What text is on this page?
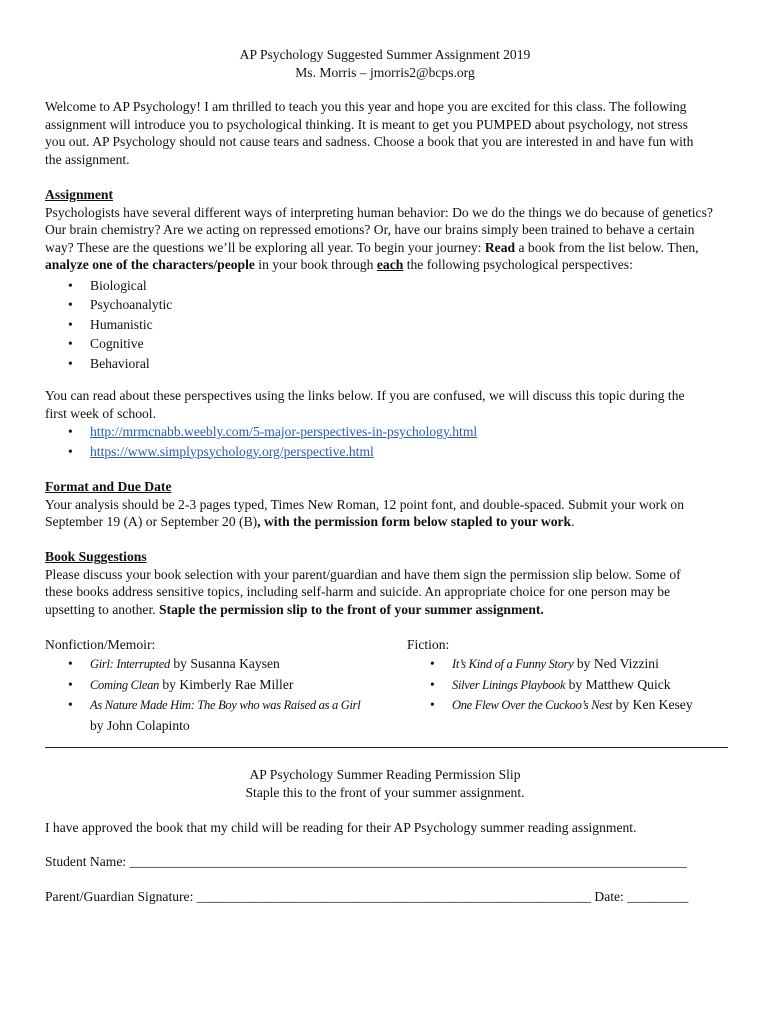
AP Psychology Suggested Summer Assignment 2019
Ms. Morris – jmorris2@bcps.org

Welcome to AP Psychology! I am thrilled to teach you this year and hope you are excited for this class. The following

assignment will introduce you to psychological thinking. It is meant to get you PUMPED about psychology, not stress

you out. AP Psychology should not cause tears and sadness. Choose a book that you are interested in and have fun with

the assignment.

Assignment

Psychologists have several different ways of interpreting human behavior: Do we do the things we do because of genetics?

Our brain chemistry? Are we acting on repressed emotions? Or, have our brains simply been trained to behave a certain

way? These are the questions we’ll be exploring all year. To begin your journey: Read a book from the list below. Then,

analyze one of the characters/people in your book through each the following psychological perspectives:

• Biological
• Psychoanalytic
• Humanistic
• Cognitive
• Behavioral

You can read about these perspectives using the links below. If you are confused, we will discuss this topic during the

first week of school.

• http://mrmcnabb.weebly.com/5-major-perspectives-in-psychology.html
• https://www.simplypsychology.org/perspective.html

Format and Due Date

Your analysis should be 2-3 pages typed, Times New Roman, 12 point font, and double-spaced. Submit your work on

September 19 (A) or September 20 (B), with the permission form below stapled to your work.

Book Suggestions

Please discuss your book selection with your parent/guardian and have them sign the permission slip below. Some of

these books address sensitive topics, including self-harm and suicide. An appropriate choice for one person may be

upsetting to another. Staple the permission slip to the front of your summer assignment.

Nonfiction/Memoir:
• Girl: Interrupted by Susanna Kaysen
• Coming Clean by Kimberly Rae Miller
• As Nature Made Him: The Boy who was Raised as a Girl
by John Colapinto
Fiction:
• It’s Kind of a Funny Story by Ned Vizzini
• Silver Linings Playbook by Matthew Quick
• One Flew Over the Cuckoo’s Nest by Ken Kesey
AP Psychology Summer Reading Permission Slip
Staple this to the front of your summer assignment.
I have approved the book that my child will be reading for their AP Psychology summer reading assignment.
Student Name: __________________________________________________________________________________
Parent/Guardian Signature: __________________________________________________________ Date: _________
